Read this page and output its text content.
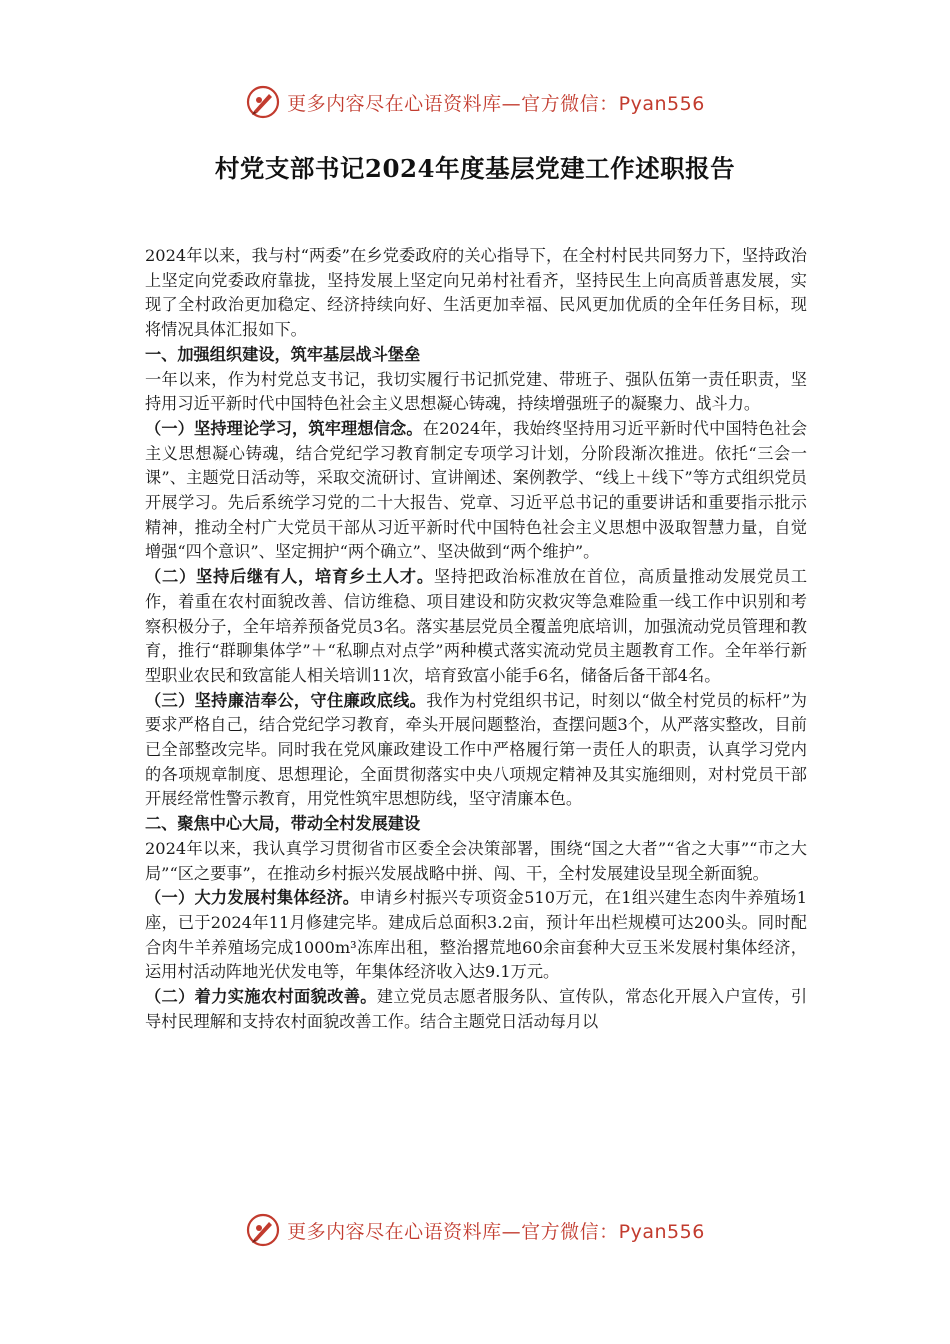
更多内容尽在心语资料库—官方微信：Pyan556
村党支部书记2024年度基层党建工作述职报告

2024年以来，我与村“两委”在乡党委政府的关心指导下，在全村村民共同努力下，坚持政治上坚定向党委政府靠拢，坚持发展上坚定向兄弟村社看齐，坚持民生上向高质普惠发展，实现了全村政治更加稳定、经济持续向好、生活更加幸福、民风更加优质的全年任务目标，现将情况具体汇报如下。

一、加强组织建设，筑牢基层战斗堡垒

一年以来，作为村党总支书记，我切实履行书记抓党建、带班子、强队伍第一责任职责，坚持用习近平新时代中国特色社会主义思想凝心铸魂，持续增强班子的凝聚力、战斗力。

（一）坚持理论学习，筑牢理想信念。在2024年，我始终坚持用习近平新时代中国特色社会主义思想凝心铸魂，结合党纪学习教育制定专项学习计划，分阶段渐次推进。依托“三会一课”、主题党日活动等，采取交流研讨、宣讲阐述、案例教学、“线上＋线下”等方式组织党员开展学习。先后系统学习党的二十大报告、党章、习近平总书记的重要讲话和重要指示批示精神，推动全村广大党员干部从习近平新时代中国特色社会主义思想中汲取智慧力量，自觉增强“四个意识”、坚定拥护“两个确立”、坚决做到“两个维护”。

（二）坚持后继有人，培育乡土人才。坚持把政治标准放在首位，高质量推动发展党员工作，着重在农村面貌改善、信访维稳、项目建设和防灾救灾等急难险重一线工作中识别和考察积极分子，全年培养预备党员3名。落实基层党员全覆盖兜底培训，加强流动党员管理和教育，推行“群聊集体学”＋“私聊点对点学”两种模式落实流动党员主题教育工作。全年举行新型职业农民和致富能人相关培训11次，培育致富小能手6名，储备后备干部4名。

（三）坚持廉洁奉公，守住廉政底线。我作为村党组织书记，时刻以“做全村党员的标杆”为要求严格自己，结合党纪学习教育，牵头开展问题整治，查摆问题3个，从严落实整改，目前已全部整改完毕。同时我在党风廉政建设工作中严格履行第一责任人的职责，认真学习党内的各项规章制度、思想理论，全面贯彻落实中央八项规定精神及其实施细则，对村党员干部开展经常性警示教育，用党性筑牢思想防线，坚守清廉本色。

二、聚焦中心大局，带动全村发展建设

2024年以来，我认真学习贯彻省市区委全会决策部署，围绕“国之大者”“省之大事”“市之大局”“区之要事”，在推动乡村振兴发展战略中拼、闯、干，全村发展建设呈现全新面貌。

（一）大力发展村集体经济。申请乡村振兴专项资金510万元，在1组兴建生态肉牛养殖场1座，已于2024年11月修建完毕。建成后总面积3.2亩，预计年出栏规模可达200头。同时配合肉牛羊养殖场完成1000m³冻库出租，整治撂荒地60余亩套种大豆玉米发展村集体经济，运用村活动阵地光伏发电等，年集体经济收入达9.1万元。

（二）着力实施农村面貌改善。建立党员志愿者服务队、宣传队，常态化开展入户宣传，引导村民理解和支持农村面貌改善工作。结合主题党日活动每月以

更多内容尽在心语资料库—官方微信：Pyan556
